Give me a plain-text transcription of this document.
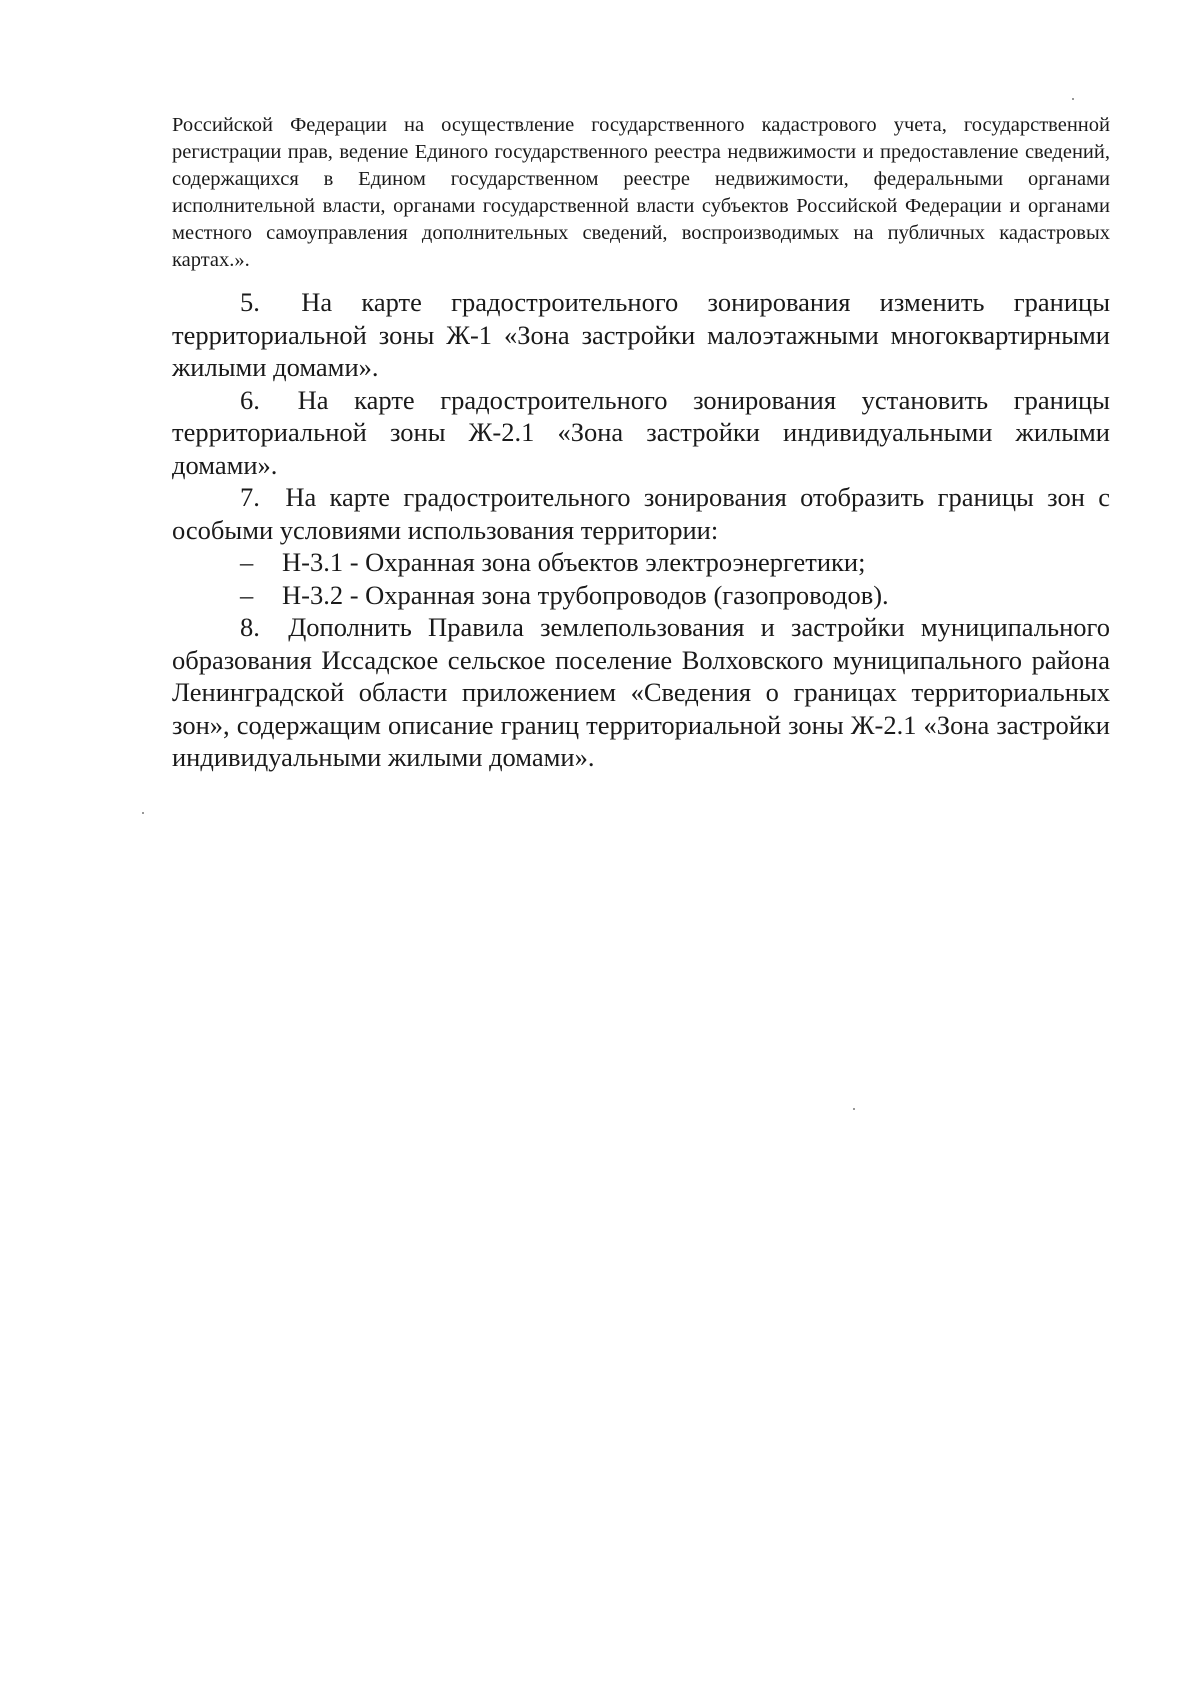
Российской Федерации на осуществление государственного кадастрового учета, государственной регистрации прав, ведение Единого государственного реестра недвижимости и предоставление сведений, содержащихся в Едином государственном реестре недвижимости, федеральными органами исполнительной власти, органами государственной власти субъектов Российской Федерации и органами местного самоуправления дополнительных сведений, воспроизводимых на публичных кадастровых картах.».

5. На карте градостроительного зонирования изменить границы территориальной зоны Ж-1 «Зона застройки малоэтажными многоквартирными жилыми домами».

6. На карте градостроительного зонирования установить границы территориальной зоны Ж-2.1 «Зона застройки индивидуальными жилыми домами».

7. На карте градостроительного зонирования отобразить границы зон с особыми условиями использования территории:

– Н-3.1 - Охранная зона объектов электроэнергетики;

– Н-3.2 - Охранная зона трубопроводов (газопроводов).

8. Дополнить Правила землепользования и застройки муниципального образования Иссадское сельское поселение Волховского муниципального района Ленинградской области приложением «Сведения о границах территориальных зон», содержащим описание границ территориальной зоны Ж-2.1 «Зона застройки индивидуальными жилыми домами».
